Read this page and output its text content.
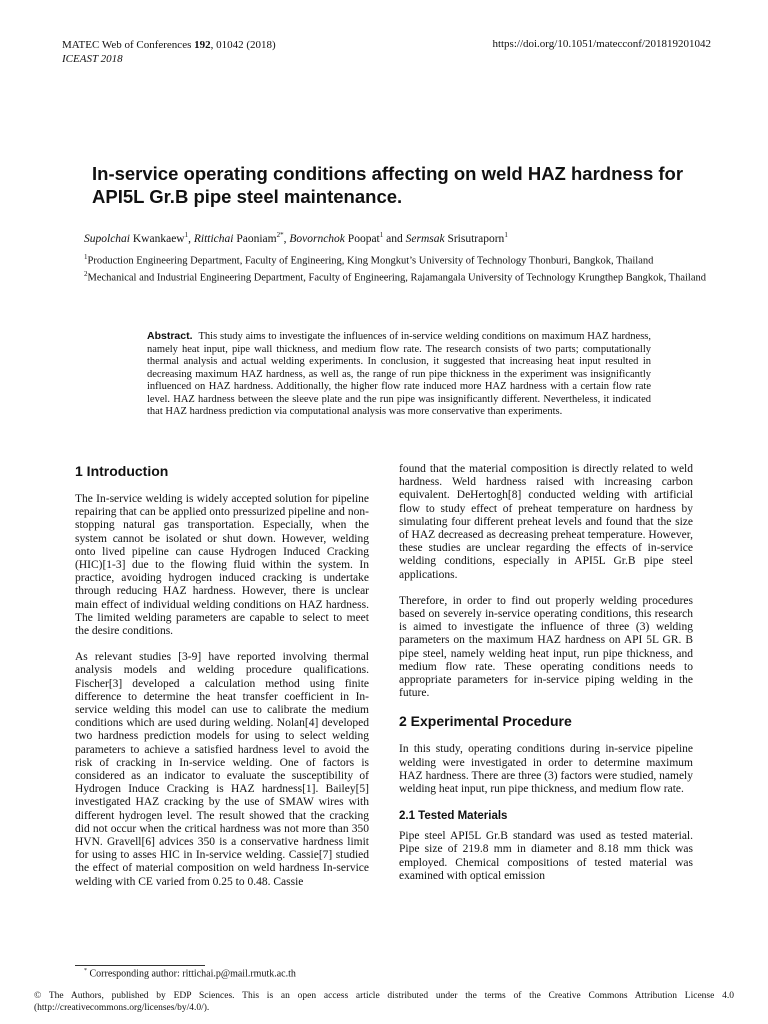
MATEC Web of Conferences 192, 01042 (2018)
ICEAST 2018
https://doi.org/10.1051/matecconf/201819201042
In-service operating conditions affecting on weld HAZ hardness for API5L Gr.B pipe steel maintenance.
Supolchai Kwankaew$^1$, Rittichai Paoniam$^{2*}$, Bovornchok Poopat$^1$ and Sermsak Srisutraporn$^1$

$^1$Production Engineering Department, Faculty of Engineering, King Mongkut’s University of Technology Thonburi, Bangkok, Thailand

$^2$Mechanical and Industrial Engineering Department, Faculty of Engineering, Rajamangala University of Technology Krungthep Bangkok, Thailand

Abstract. This study aims to investigate the influences of in-service welding conditions on maximum HAZ hardness, namely heat input, pipe wall thickness, and medium flow rate. The research consists of two parts; computationally thermal analysis and actual welding experiments. In conclusion, it suggested that increasing heat input resulted in decreasing maximum HAZ hardness, as well as, the range of run pipe thickness in the experiment was insignificantly influenced on HAZ hardness. Additionally, the higher flow rate induced more HAZ hardness with a certain flow rate level. HAZ hardness between the sleeve plate and the run pipe was insignificantly different. Nevertheless, it indicated that HAZ hardness prediction via computational analysis was more conservative than experiments.
1 Introduction

The In-service welding is widely accepted solution for pipeline repairing that can be applied onto pressurized pipeline and non-stopping natural gas transportation. Especially, when the system cannot be isolated or shut down. However, welding onto lived pipeline can cause Hydrogen Induced Cracking (HIC)[1-3] due to the flowing fluid within the system. In practice, avoiding hydrogen induced cracking is undertake through reducing HAZ hardness. However, there is unclear main effect of individual welding conditions on HAZ hardness. The limited welding parameters are capable to select to meet the desire conditions.

As relevant studies [3-9] have reported involving thermal analysis models and welding procedure qualifications. Fischer[3] developed a calculation method using finite difference to determine the heat transfer coefficient in In-service welding this model can use to calibrate the medium conditions which are used during welding. Nolan[4] developed two hardness prediction models for using to select welding parameters to achieve a satisfied hardness level to avoid the risk of cracking in In-service welding. One of factors is considered as an indicator to evaluate the susceptibility of Hydrogen Induce Cracking is HAZ hardness[1]. Bailey[5] investigated HAZ cracking by the use of SMAW wires with different hydrogen level. The result showed that the cracking did not occur when the critical hardness was not more than 350 HVN. Gravell[6] advices 350 is a conservative hardness limit for using to asses HIC in In-service welding. Cassie[7] studied the effect of material composition on weld hardness In-service welding with CE varied from 0.25 to 0.48. Cassie

found that the material composition is directly related to weld hardness. Weld hardness raised with increasing carbon equivalent. DeHertogh[8] conducted welding with artificial flow to study effect of preheat temperature on hardness by simulating four different preheat levels and found that the size of HAZ decreased as decreasing preheat temperature. However, these studies are unclear regarding the effects of in-service welding conditions, especially in API5L Gr.B pipe steel applications.

Therefore, in order to find out properly welding procedures based on severely in-service operating conditions, this research is aimed to investigate the influence of three (3) welding parameters on the maximum HAZ hardness on API 5L GR. B pipe steel, namely welding heat input, run pipe thickness, and medium flow rate. These operating conditions needs to appropriate parameters for in-service piping welding in the future.

2 Experimental Procedure

In this study, operating conditions during in-service pipeline welding were investigated in order to determine maximum HAZ hardness. There are three (3) factors were studied, namely welding heat input, run pipe thickness, and medium flow rate.

2.1 Tested Materials

Pipe steel API5L Gr.B standard was used as tested material. Pipe size of 219.8 mm in diameter and 8.18 mm thick was employed. Chemical compositions of tested material was examined with optical emission

* Corresponding author: rittichai.p@mail.rmutk.ac.th
© The Authors, published by EDP Sciences. This is an open access article distributed under the terms of the Creative Commons Attribution License 4.0 (http://creativecommons.org/licenses/by/4.0/).
